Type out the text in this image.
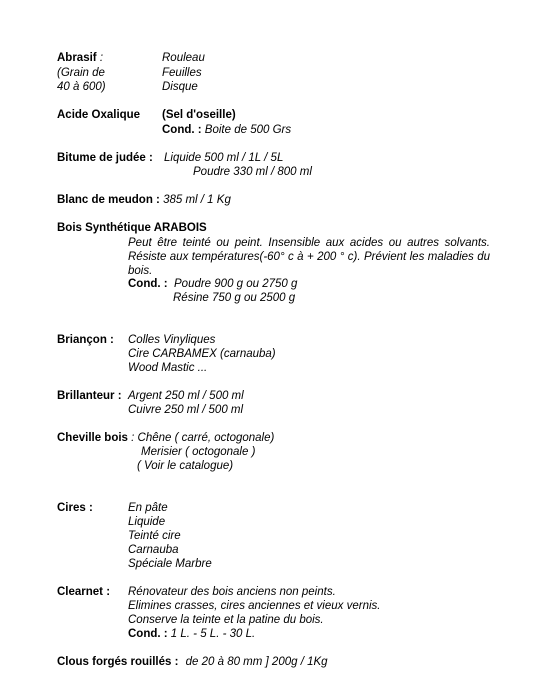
Abrasif :
(Grain de
40 à 600)
Rouleau
Feuilles
Disque
Acide Oxalique (Sel d'oseille)
Cond. : Boite de 500 Grs
Bitume de judée : Liquide 500 ml / 1L / 5L
Poudre 330 ml / 800 ml
Blanc de meudon : 385 ml / 1 Kg
Bois Synthétique ARABOIS
Peut être teinté ou peint. Insensible aux acides ou autres solvants. Résiste aux températures(-60° c à + 200 ° c). Prévient les maladies du bois.
Cond. : Poudre 900 g ou 2750 g
Résine 750 g ou 2500 g
Briançon : Colles Vinyliques
Cire CARBAMEX (carnauba)
Wood Mastic ...
Brillanteur : Argent 250 ml / 500 ml
Cuivre 250 ml / 500 ml
Cheville bois : Chêne ( carré, octogonale)
Merisier ( octogonale )
( Voir le catalogue)
Cires :	En pâte
Liquide
Teinté cire
Carnauba
Spéciale Marbre
Clearnet : Rénovateur des bois anciens non peints.
Elimines crasses, cires anciennes et vieux vernis.
Conserve la teinte et la patine du bois.
Cond. : 1 L. - 5 L. - 30 L.
Clous forgés rouillés : de 20 à 80 mm ] 200g / 1Kg
